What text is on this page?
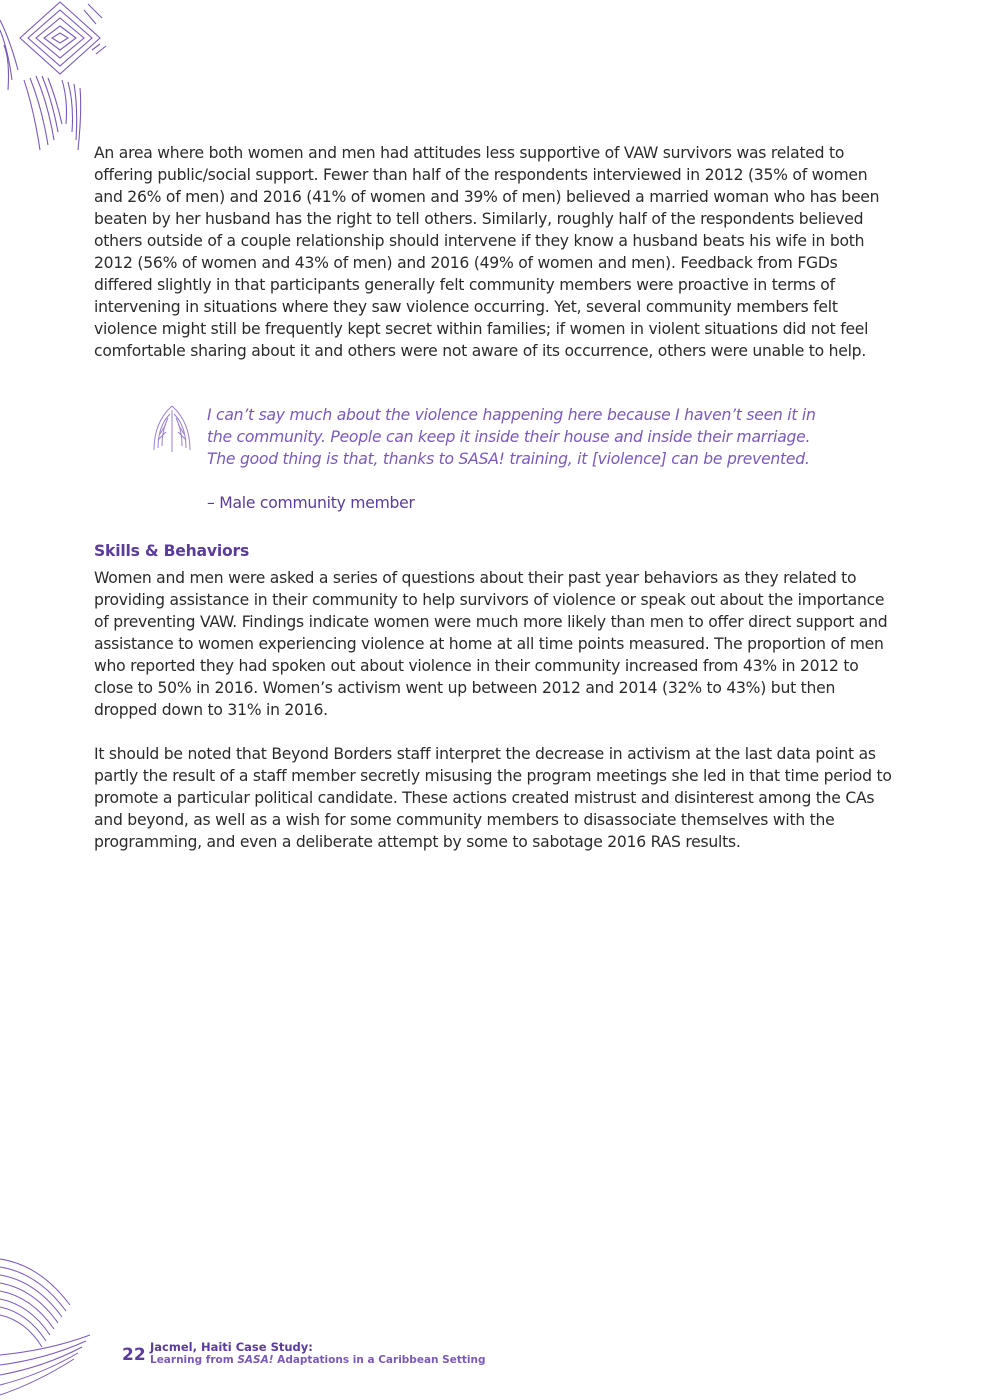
An area where both women and men had attitudes less supportive of VAW survivors was related to offering public/social support. Fewer than half of the respondents interviewed in 2012 (35% of women and 26% of men) and 2016 (41% of women and 39% of men) believed a married woman who has been beaten by her husband has the right to tell others. Similarly, roughly half of the respondents believed others outside of a couple relationship should intervene if they know a husband beats his wife in both 2012 (56% of women and 43% of men) and 2016 (49% of women and men). Feedback from FGDs differed slightly in that participants generally felt community members were proactive in terms of intervening in situations where they saw violence occurring. Yet, several community members felt violence might still be frequently kept secret within families; if women in violent situations did not feel comfortable sharing about it and others were not aware of its occurrence, others were unable to help.

I can’t say much about the violence happening here because I haven’t seen it in the community. People can keep it inside their house and inside their marriage. The good thing is that, thanks to SASA! training, it [violence] can be prevented.

– Male community member

Skills & Behaviors

Women and men were asked a series of questions about their past year behaviors as they related to providing assistance in their community to help survivors of violence or speak out about the importance of preventing VAW. Findings indicate women were much more likely than men to offer direct support and assistance to women experiencing violence at home at all time points measured. The proportion of men who reported they had spoken out about violence in their community increased from 43% in 2012 to close to 50% in 2016. Women’s activism went up between 2012 and 2014 (32% to 43%) but then dropped down to 31% in 2016.

It should be noted that Beyond Borders staff interpret the decrease in activism at the last data point as partly the result of a staff member secretly misusing the program meetings she led in that time period to promote a particular political candidate. These actions created mistrust and disinterest among the CAs and beyond, as well as a wish for some community members to disassociate themselves with the programming, and even a deliberate attempt by some to sabotage 2016 RAS results.

22 Jacmel, Haiti Case Study:
Learning from SASA! Adaptations in a Caribbean Setting
